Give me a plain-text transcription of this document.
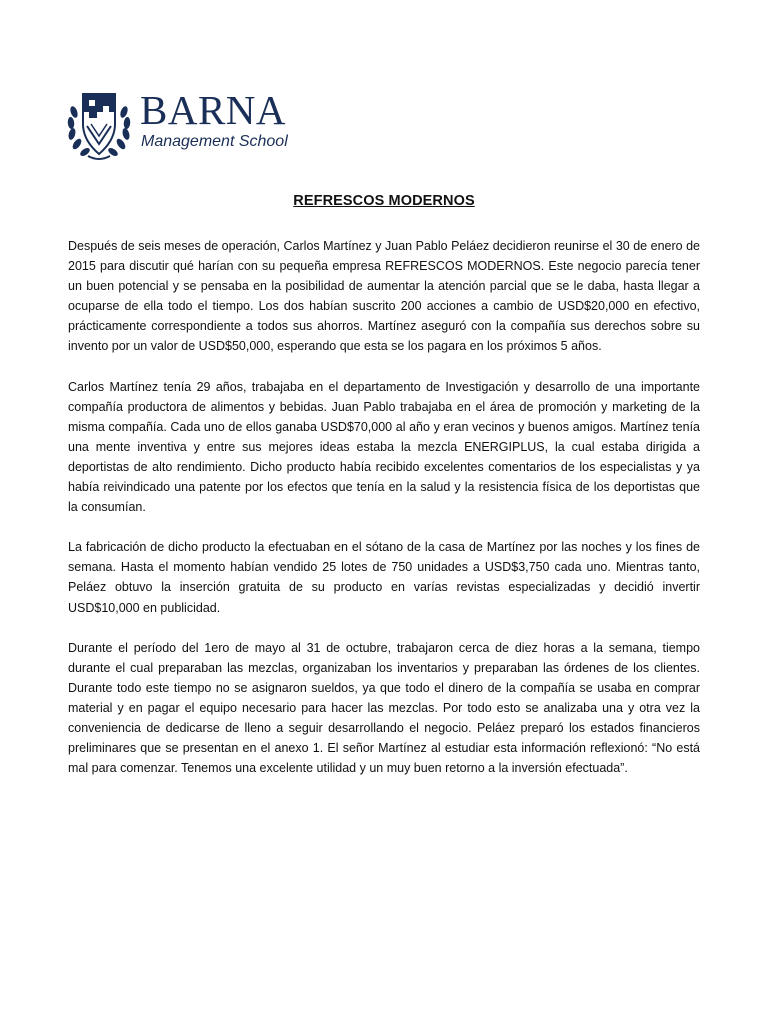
BARNA
Management School
REFRESCOS MODERNOS

Después de seis meses de operación, Carlos Martínez y Juan Pablo Peláez decidieron reunirse el 30 de enero de 2015 para discutir qué harían con su pequeña empresa REFRESCOS MODERNOS. Este negocio parecía tener un buen potencial y se pensaba en la posibilidad de aumentar la atención parcial que se le daba, hasta llegar a ocuparse de ella todo el tiempo. Los dos habían suscrito 200 acciones a cambio de USD$20,000 en efectivo, prácticamente correspondiente a todos sus ahorros. Martínez aseguró con la compañía sus derechos sobre su invento por un valor de USD$50,000, esperando que esta se los pagara en los próximos 5 años.

Carlos Martínez tenía 29 años, trabajaba en el departamento de Investigación y desarrollo de una importante compañía productora de alimentos y bebidas. Juan Pablo trabajaba en el área de promoción y marketing de la misma compañía. Cada uno de ellos ganaba USD$70,000 al año y eran vecinos y buenos amigos. Martínez tenía una mente inventiva y entre sus mejores ideas estaba la mezcla ENERGIPLUS, la cual estaba dirigida a deportistas de alto rendimiento. Dicho producto había recibido excelentes comentarios de los especialistas y ya había reivindicado una patente por los efectos que tenía en la salud y la resistencia física de los deportistas que la consumían.

La fabricación de dicho producto la efectuaban en el sótano de la casa de Martínez por las noches y los fines de semana. Hasta el momento habían vendido 25 lotes de 750 unidades a USD$3,750 cada uno. Mientras tanto, Peláez obtuvo la inserción gratuita de su producto en varías revistas especializadas y decidió invertir USD$10,000 en publicidad.

Durante el período del 1ero de mayo al 31 de octubre, trabajaron cerca de diez horas a la semana, tiempo durante el cual preparaban las mezclas, organizaban los inventarios y preparaban las órdenes de los clientes. Durante todo este tiempo no se asignaron sueldos, ya que todo el dinero de la compañía se usaba en comprar material y en pagar el equipo necesario para hacer las mezclas. Por todo esto se analizaba una y otra vez la conveniencia de dedicarse de lleno a seguir desarrollando el negocio. Peláez preparó los estados financieros preliminares que se presentan en el anexo 1. El señor Martínez al estudiar esta información reflexionó: “No está mal para comenzar. Tenemos una excelente utilidad y un muy buen retorno a la inversión efectuada”.
